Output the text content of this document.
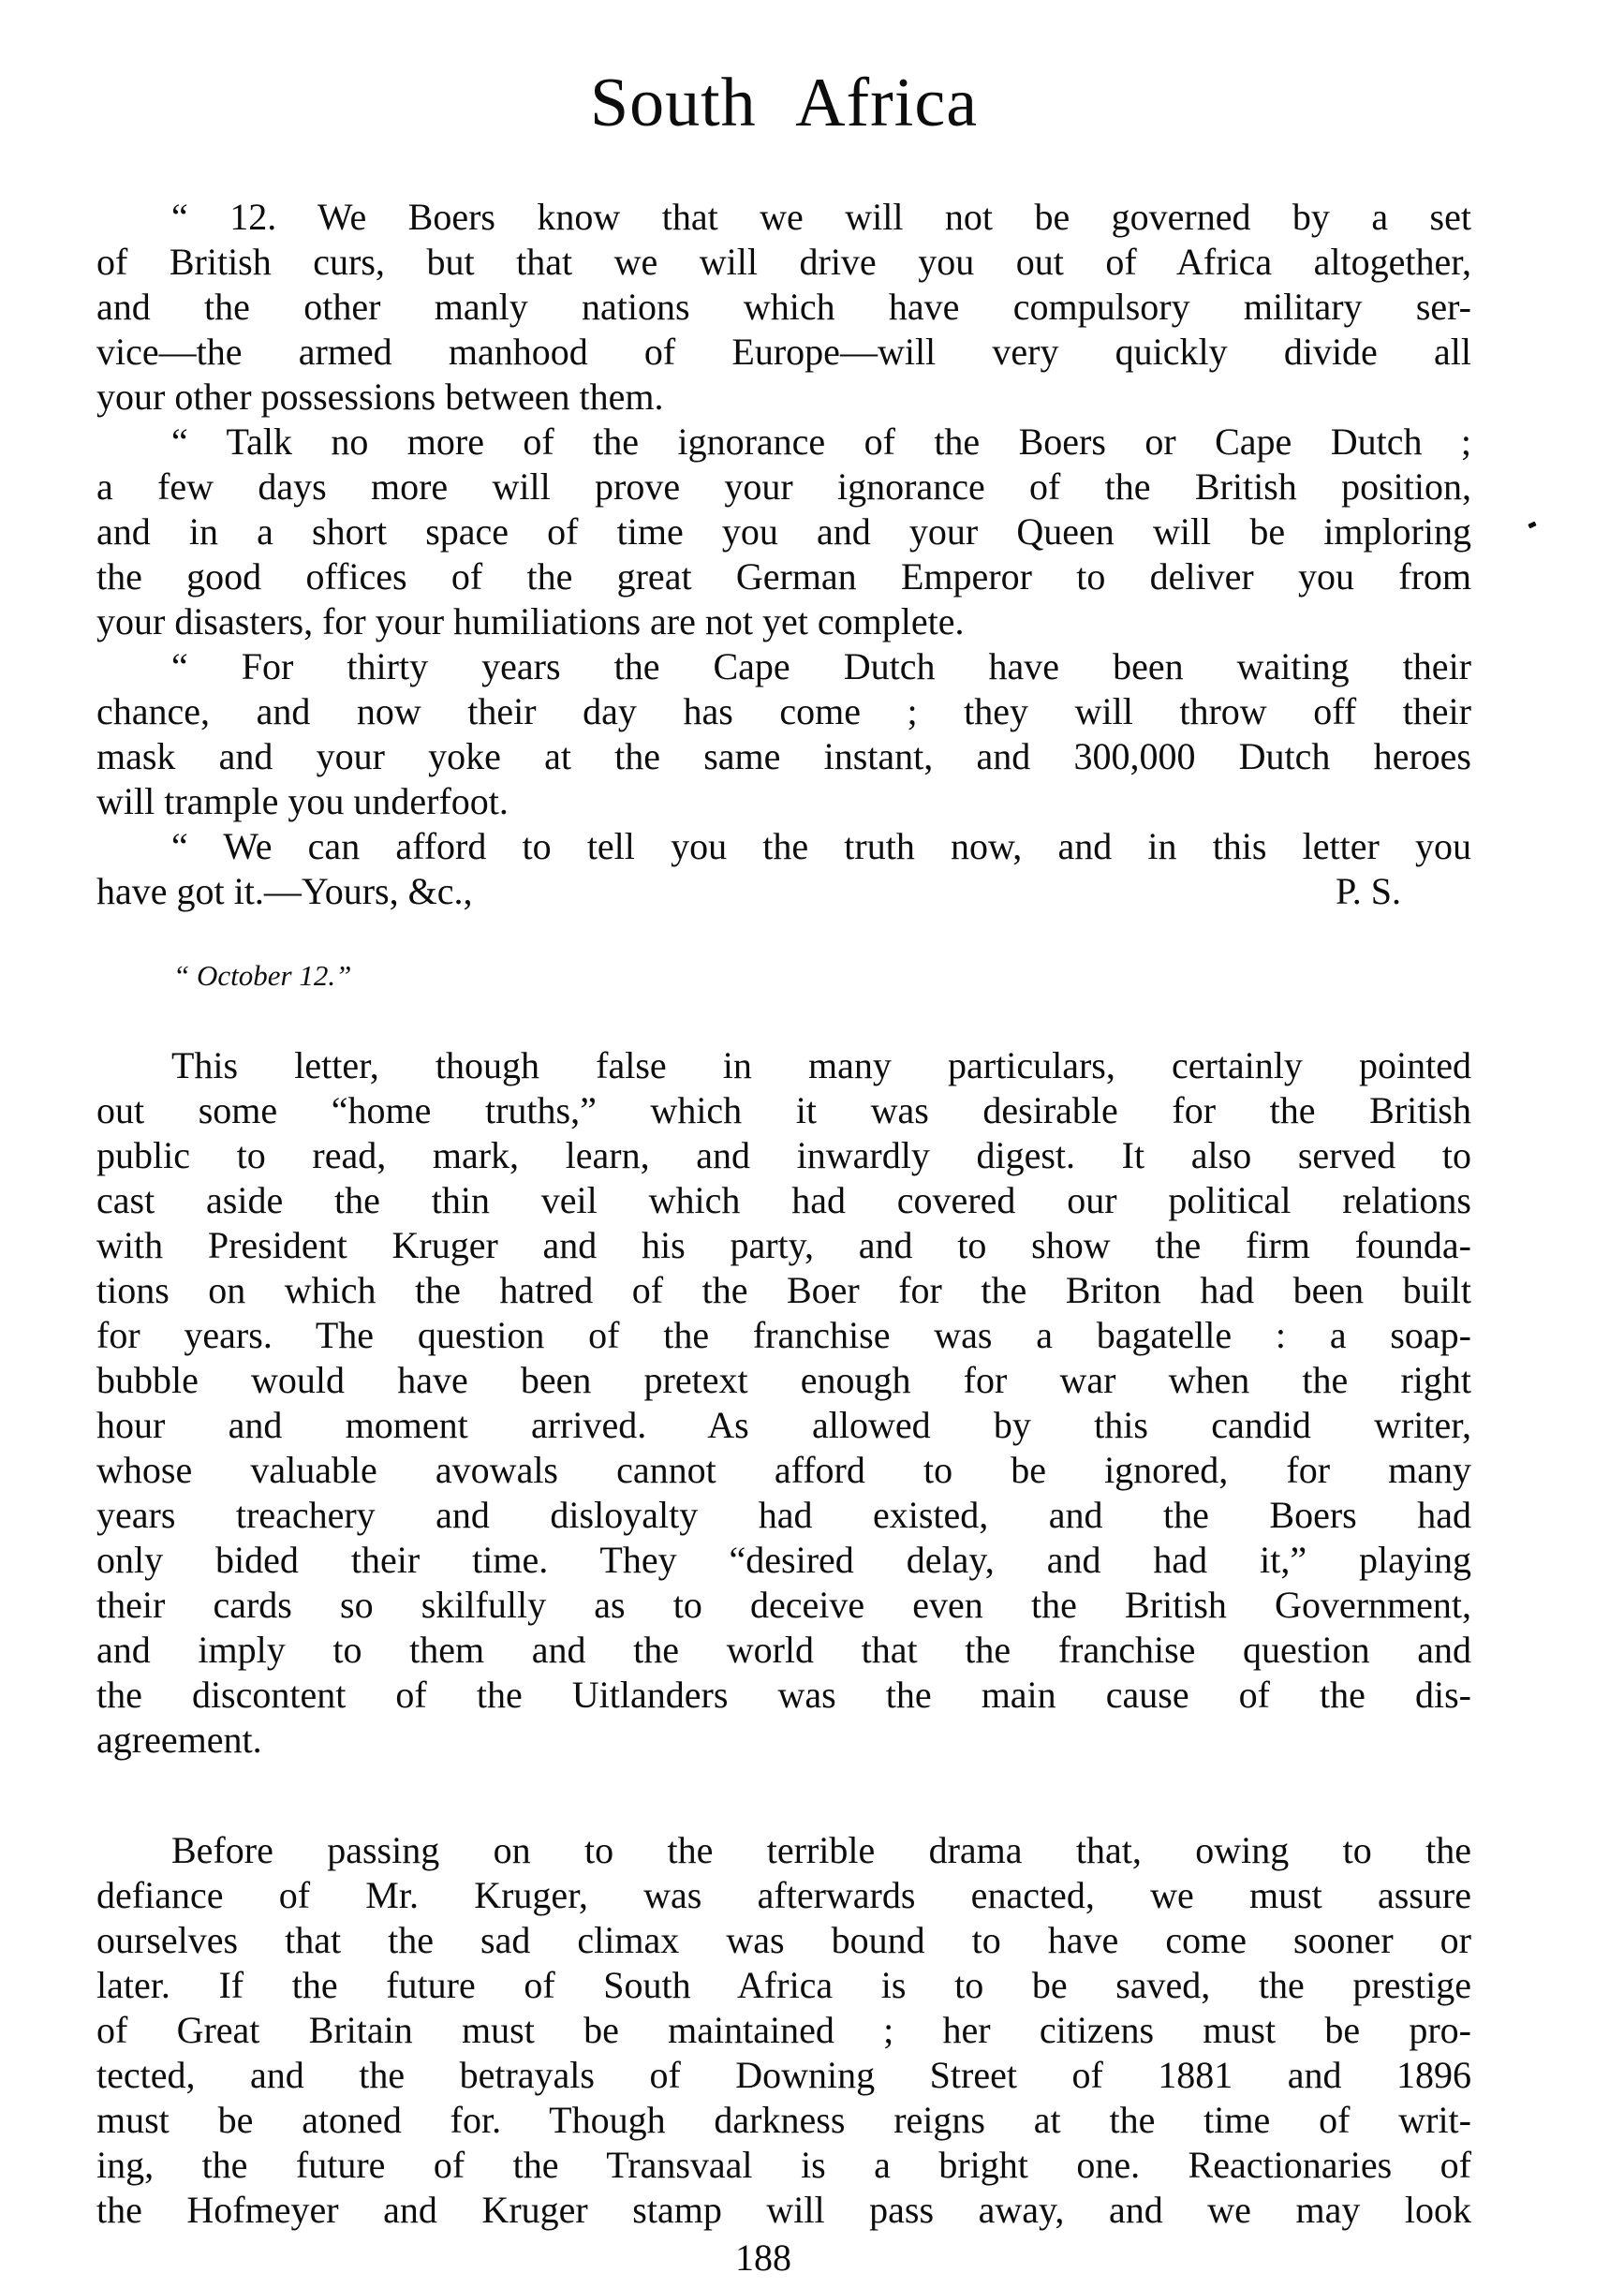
South Africa
“ 12. We Boers know that we will not be governed by a set
of British curs, but that we will drive you out of Africa altogether,
and the other manly nations which have compulsory military ser-
vice—the armed manhood of Europe—will very quickly divide all
your other possessions between them.
“ Talk no more of the ignorance of the Boers or Cape Dutch ;
a few days more will prove your ignorance of the British position,
and in a short space of time you and your Queen will be imploring
the good offices of the great German Emperor to deliver you from
your disasters, for your humiliations are not yet complete.
“ For thirty years the Cape Dutch have been waiting their
chance, and now their day has come ; they will throw off their
mask and your yoke at the same instant, and 300,000 Dutch heroes
will trample you underfoot.
“ We can afford to tell you the truth now, and in this letter you
have got it.—Yours, &c.,	P. S.
“ October 12.”
This letter, though false in many particulars, certainly pointed
out some “home truths,” which it was desirable for the British
public to read, mark, learn, and inwardly digest. It also served to
cast aside the thin veil which had covered our political relations
with President Kruger and his party, and to show the firm founda-
tions on which the hatred of the Boer for the Briton had been built
for years. The question of the franchise was a bagatelle : a soap-
bubble would have been pretext enough for war when the right
hour and moment arrived. As allowed by this candid writer,
whose valuable avowals cannot afford to be ignored, for many
years treachery and disloyalty had existed, and the Boers had
only bided their time. They “desired delay, and had it,” playing
their cards so skilfully as to deceive even the British Government,
and imply to them and the world that the franchise question and
the discontent of the Uitlanders was the main cause of the dis-
agreement.
Before passing on to the terrible drama that, owing to the
defiance of Mr. Kruger, was afterwards enacted, we must assure
ourselves that the sad climax was bound to have come sooner or
later. If the future of South Africa is to be saved, the prestige
of Great Britain must be maintained ; her citizens must be pro-
tected, and the betrayals of Downing Street of 1881 and 1896
must be atoned for. Though darkness reigns at the time of writ-
ing, the future of the Transvaal is a bright one. Reactionaries of
the Hofmeyer and Kruger stamp will pass away, and we may look
188
